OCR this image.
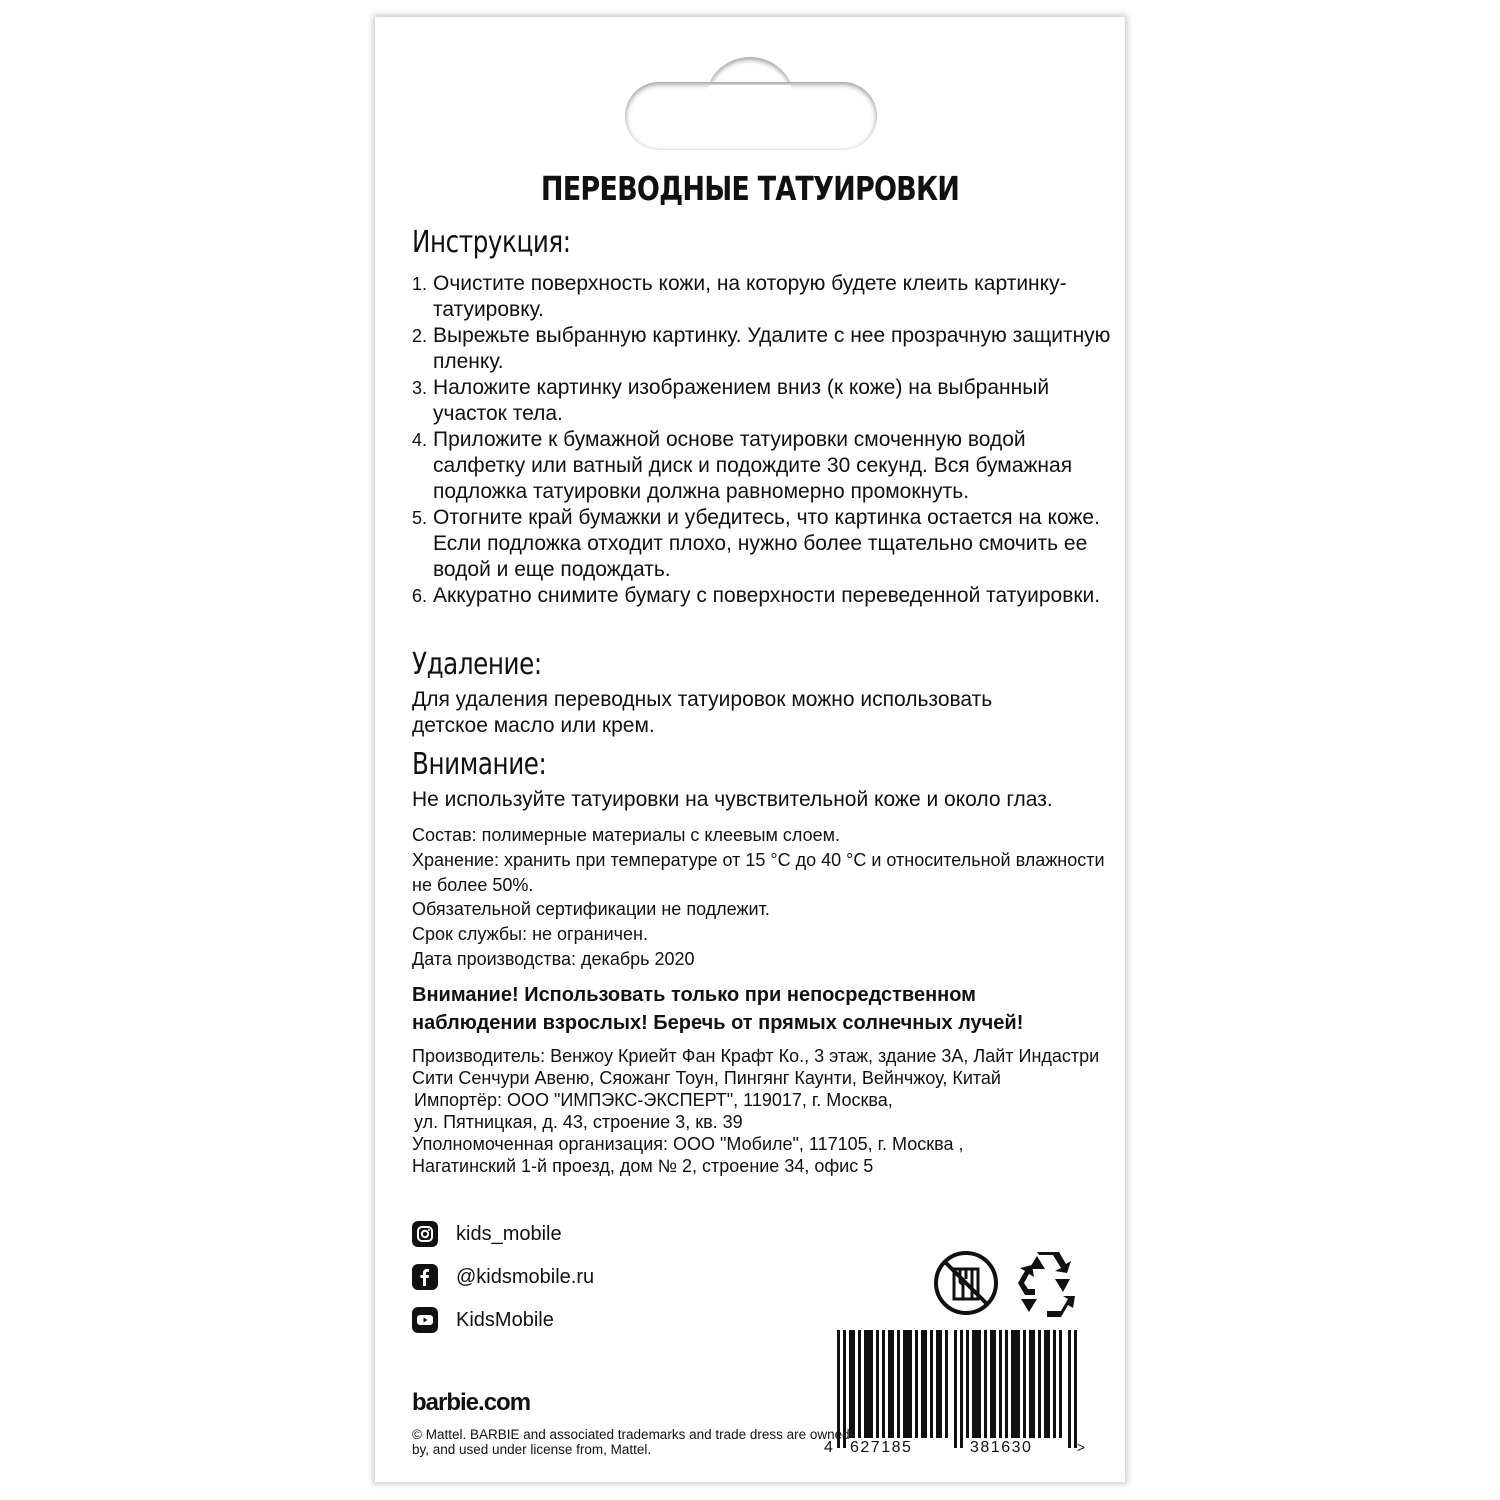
ПЕРЕВОДНЫЕ ТАТУИРОВКИ
Инструкция:
1. Очистите поверхность кожи, на которую будете клеить картинку-татуировку.
2. Вырежьте выбранную картинку. Удалите с нее прозрачную защитную пленку.
3. Наложите картинку изображением вниз (к коже) на выбранный участок тела.
4. Приложите к бумажной основе татуировки смоченную водой салфетку или ватный диск и подождите 30 секунд. Вся бумажная подложка татуировки должна равномерно промокнуть.
5. Отогните край бумажки и убедитесь, что картинка остается на коже. Если подложка отходит плохо, нужно более тщательно смочить ее водой и еще подождать.
6. Аккуратно снимите бумагу с поверхности переведенной татуировки.
Удаление:
Для удаления переводных татуировок можно использовать детское масло или крем.
Внимание:
Не используйте татуировки на чувствительной коже и около глаз.
Состав: полимерные материалы с клеевым слоем.
Хранение: хранить при температуре от 15 °С до 40 °С и относительной влажности не более 50%.
Обязательной сертификации не подлежит.
Срок службы: не ограничен.
Дата производства: декабрь 2020
Внимание! Использовать только при непосредственном наблюдении взрослых! Беречь от прямых солнечных лучей!
Производитель: Венжоу Криейт Фан Крафт Ко., 3 этаж, здание 3А, Лайт Индастри Сити Сенчури Авеню, Сяожанг Тоун, Пингянг Каунти, Вейнчжоу, Китай
Импортёр: ООО "ИМПЭКС-ЭКСПЕРТ", 119017, г. Москва,
ул. Пятницкая, д. 43, строение 3, кв. 39
Уполномоченная организация: ООО "Мобиле", 117105, г. Москва ,
Нагатинский 1-й проезд, дом № 2, строение 34, офис 5
kids_mobile
@kidsmobile.ru
KidsMobile
4 627185	381630	>
barbie.com
© Mattel. BARBIE and associated trademarks and trade dress are owned by, and used under license from, Mattel.
